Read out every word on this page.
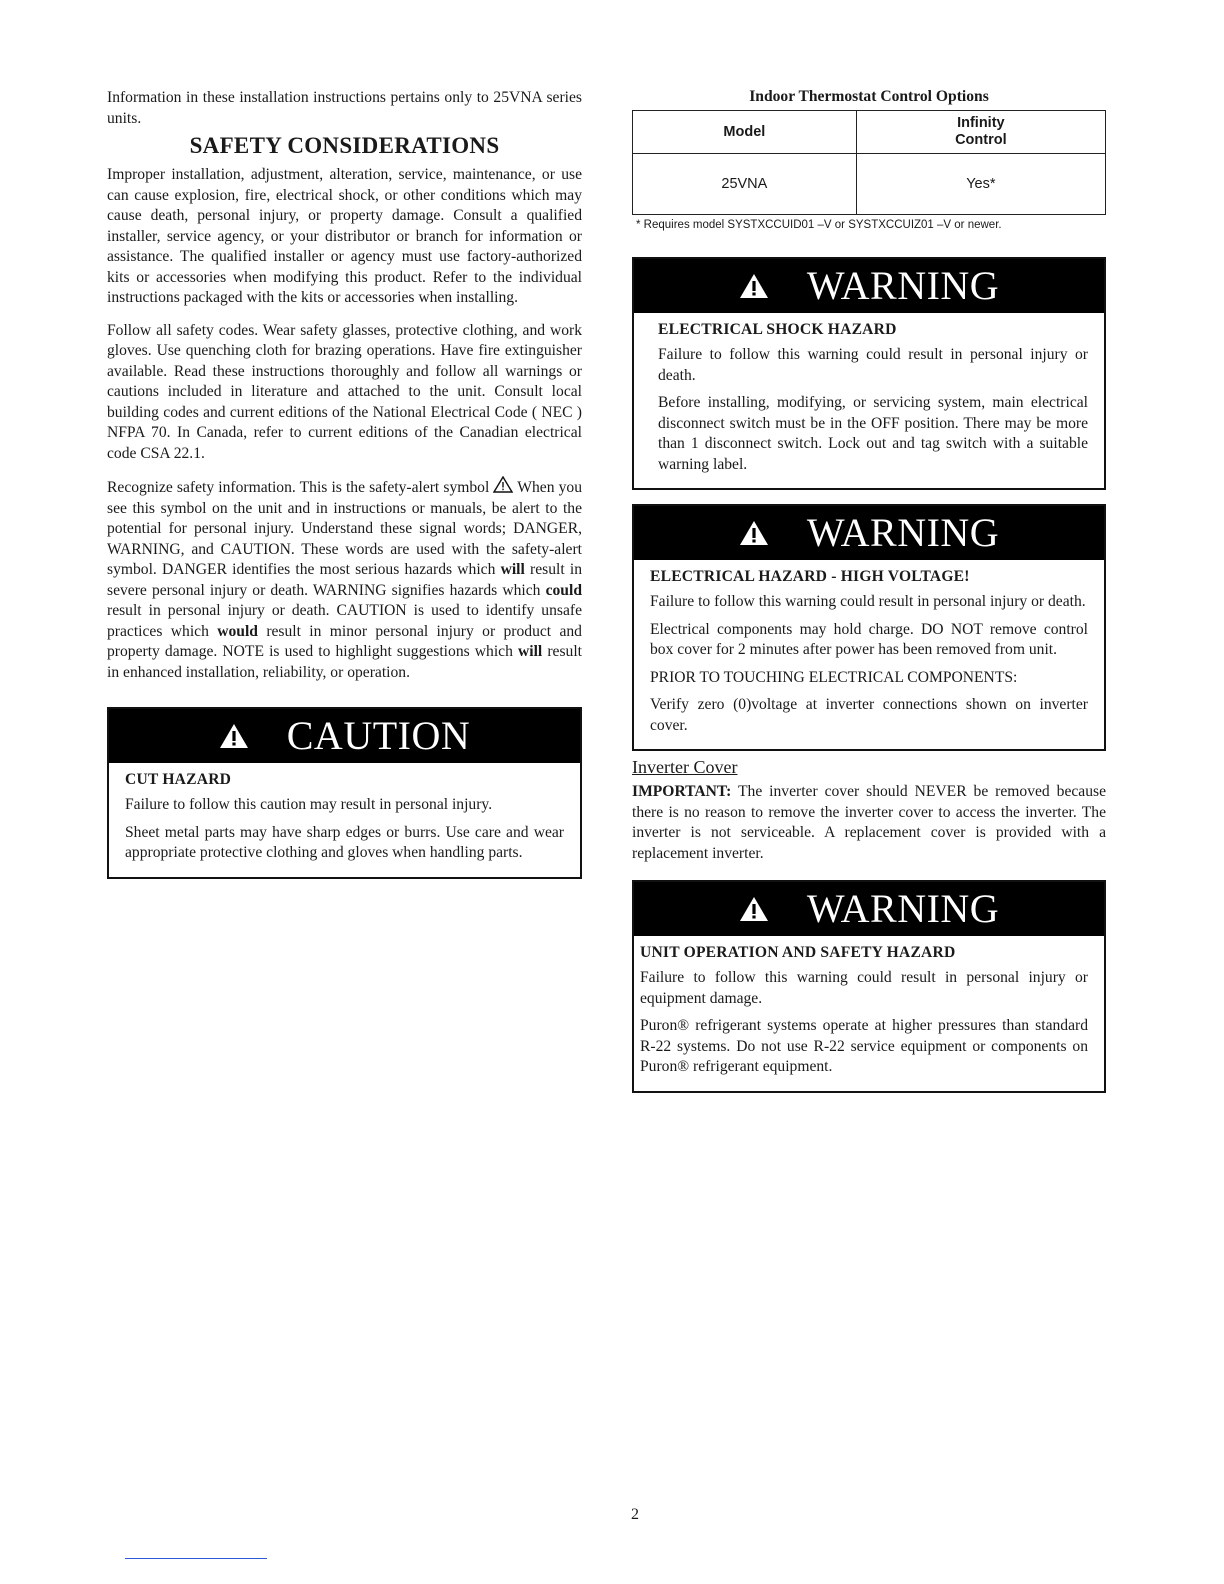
Information in these installation instructions pertains only to 25VNA series units.

SAFETY CONSIDERATIONS

Improper installation, adjustment, alteration, service, maintenance, or use can cause explosion, fire, electrical shock, or other conditions which may cause death, personal injury, or property damage. Consult a qualified installer, service agency, or your distributor or branch for information or assistance. The qualified installer or agency must use factory-authorized kits or accessories when modifying this product. Refer to the individual instructions packaged with the kits or accessories when installing.

Follow all safety codes. Wear safety glasses, protective clothing, and work gloves. Use quenching cloth for brazing operations. Have fire extinguisher available. Read these instructions thoroughly and follow all warnings or cautions included in literature and attached to the unit. Consult local building codes and current editions of the National Electrical Code ( NEC ) NFPA 70. In Canada, refer to current editions of the Canadian electrical code CSA 22.1.

Recognize safety information. This is the safety-alert symbol  When you see this symbol on the unit and in instructions or manuals, be alert to the potential for personal injury. Understand these signal words; DANGER, WARNING, and CAUTION. These words are used with the safety-alert symbol. DANGER identifies the most serious hazards which will result in severe personal injury or death. WARNING signifies hazards which could result in personal injury or death. CAUTION is used to identify unsafe practices which would result in minor personal injury or product and property damage. NOTE is used to highlight suggestions which will result in enhanced installation, reliability, or operation.

CAUTION
CUT HAZARD

Failure to follow this caution may result in personal injury.

Sheet metal parts may have sharp edges or burrs. Use care and wear appropriate protective clothing and gloves when handling parts.

Indoor Thermostat Control Options
Model	Infinity
Control
25VNA	Yes*
* Requires model SYSTXCCUID01 –V or SYSTXCCUIZ01 –V or newer.
WARNING
ELECTRICAL SHOCK HAZARD

Failure to follow this warning could result in personal injury or death.

Before installing, modifying, or servicing system, main electrical disconnect switch must be in the OFF position. There may be more than 1 disconnect switch. Lock out and tag switch with a suitable warning label.

WARNING
ELECTRICAL HAZARD - HIGH VOLTAGE!

Failure to follow this warning could result in personal injury or death.

Electrical components may hold charge. DO NOT remove control box cover for 2 minutes after power has been removed from unit.

PRIOR TO TOUCHING ELECTRICAL COMPONENTS:

Verify zero (0)voltage at inverter connections shown on inverter cover.

Inverter Cover

IMPORTANT: The inverter cover should NEVER be removed because there is no reason to remove the inverter cover to access the inverter. The inverter is not serviceable. A replacement cover is provided with a replacement inverter.

WARNING
UNIT OPERATION AND SAFETY HAZARD

Failure to follow this warning could result in personal injury or equipment damage.

Puron® refrigerant systems operate at higher pressures than standard R-22 systems. Do not use R-22 service equipment or components on Puron® refrigerant equipment.

2
